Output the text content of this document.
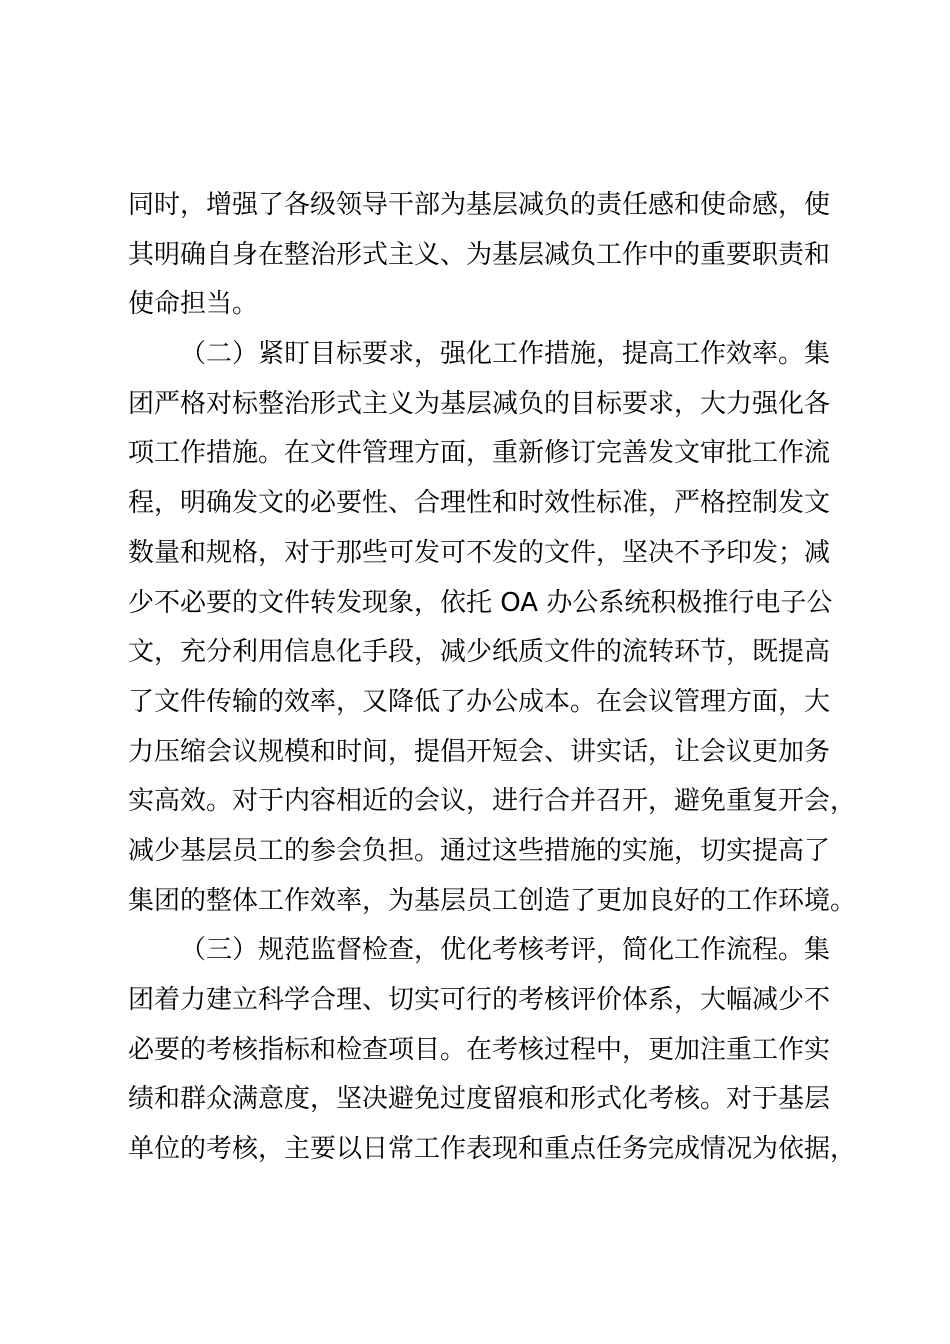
同时，增强了各级领导干部为基层减负的责任感和使命感，使
其明确自身在整治形式主义、为基层减负工作中的重要职责和
使命担当。
（二）紧盯目标要求，强化工作措施，提高工作效率。集
团严格对标整治形式主义为基层减负的目标要求，大力强化各
项工作措施。在文件管理方面，重新修订完善发文审批工作流
程，明确发文的必要性、合理性和时效性标准，严格控制发文
数量和规格，对于那些可发可不发的文件，坚决不予印发；减
少不必要的文件转发现象，依托 OA 办公系统积极推行电子公
文，充分利用信息化手段，减少纸质文件的流转环节，既提高
了文件传输的效率，又降低了办公成本。在会议管理方面，大
力压缩会议规模和时间，提倡开短会、讲实话，让会议更加务
实高效。对于内容相近的会议，进行合并召开，避免重复开会，
减少基层员工的参会负担。通过这些措施的实施，切实提高了
集团的整体工作效率，为基层员工创造了更加良好的工作环境。
（三）规范监督检查，优化考核考评，简化工作流程。集
团着力建立科学合理、切实可行的考核评价体系，大幅减少不
必要的考核指标和检查项目。在考核过程中，更加注重工作实
绩和群众满意度，坚决避免过度留痕和形式化考核。对于基层
单位的考核，主要以日常工作表现和重点任务完成情况为依据，
